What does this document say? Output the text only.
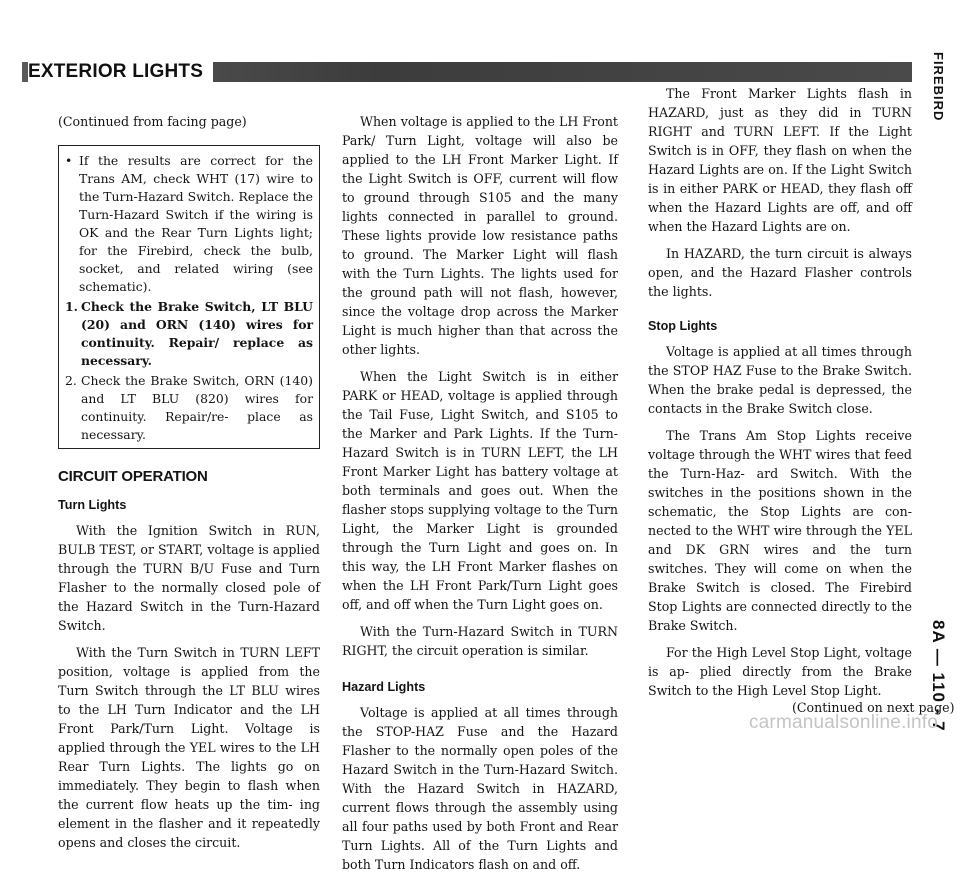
EXTERIOR LIGHTS	FIREBIRD
8A — 110 - 7

(Continued from facing page)

• If the results are correct for the Trans AM, check WHT (17) wire to the Turn-Hazard Switch. Replace the Turn-Hazard Switch if the wiring is OK and the Rear Turn Lights light; for the Firebird, check the bulb, socket, and related wiring (see schematic).
1. Check the Brake Switch, LT BLU (20) and ORN (140) wires for continuity. Repair/ replace as necessary.
2. Check the Brake Switch, ORN (140) and LT BLU (820) wires for continuity. Repair/re- place as necessary.
CIRCUIT OPERATION
Turn Lights

With the Ignition Switch in RUN, BULB TEST, or START, voltage is applied through the TURN B/U Fuse and Turn Flasher to the normally closed pole of the Hazard Switch in the Turn-Hazard Switch.

With the Turn Switch in TURN LEFT position, voltage is applied from the Turn Switch through the LT BLU wires to the LH Turn Indicator and the LH Front Park/Turn Light. Voltage is applied through the YEL wires to the LH Rear Turn Lights. The lights go on immediately. They begin to flash when the current flow heats up the tim- ing element in the flasher and it repeatedly opens and closes the circuit.

When voltage is applied to the LH Front Park/ Turn Light, voltage will also be applied to the LH Front Marker Light. If the Light Switch is OFF, current will flow to ground through S105 and the many lights connected in parallel to ground. These lights provide low resistance paths to ground. The Marker Light will flash with the Turn Lights. The lights used for the ground path will not flash, however, since the voltage drop across the Marker Light is much higher than that across the other lights.

When the Light Switch is in either PARK or HEAD, voltage is applied through the Tail Fuse, Light Switch, and S105 to the Marker and Park Lights. If the Turn-Hazard Switch is in TURN LEFT, the LH Front Marker Light has battery voltage at both terminals and goes out. When the flasher stops supplying voltage to the Turn Light, the Marker Light is grounded through the Turn Light and goes on. In this way, the LH Front Marker flashes on when the LH Front Park/Turn Light goes off, and off when the Turn Light goes on.

With the Turn-Hazard Switch in TURN RIGHT, the circuit operation is similar.

Hazard Lights

Voltage is applied at all times through the STOP-HAZ Fuse and the Hazard Flasher to the normally open poles of the Hazard Switch in the Turn-Hazard Switch. With the Hazard Switch in HAZARD, current flows through the assembly using all four paths used by both Front and Rear Turn Lights. All of the Turn Lights and both Turn Indicators flash on and off.

The Front Marker Lights flash in HAZARD, just as they did in TURN RIGHT and TURN LEFT. If the Light Switch is in OFF, they flash on when the Hazard Lights are on. If the Light Switch is in either PARK or HEAD, they flash off when the Hazard Lights are off, and off when the Hazard Lights are on.

In HAZARD, the turn circuit is always open, and the Hazard Flasher controls the lights.

Stop Lights

Voltage is applied at all times through the STOP HAZ Fuse to the Brake Switch. When the brake pedal is depressed, the contacts in the Brake Switch close.

The Trans Am Stop Lights receive voltage through the WHT wires that feed the Turn-Haz- ard Switch. With the switches in the positions shown in the schematic, the Stop Lights are con- nected to the WHT wire through the YEL and DK GRN wires and the turn switches. They will come on when the Brake Switch is closed. The Firebird Stop Lights are connected directly to the Brake Switch.

For the High Level Stop Light, voltage is ap- plied directly from the Brake Switch to the High Level Stop Light.

(Continued on next page)
carmanualsonline.info
